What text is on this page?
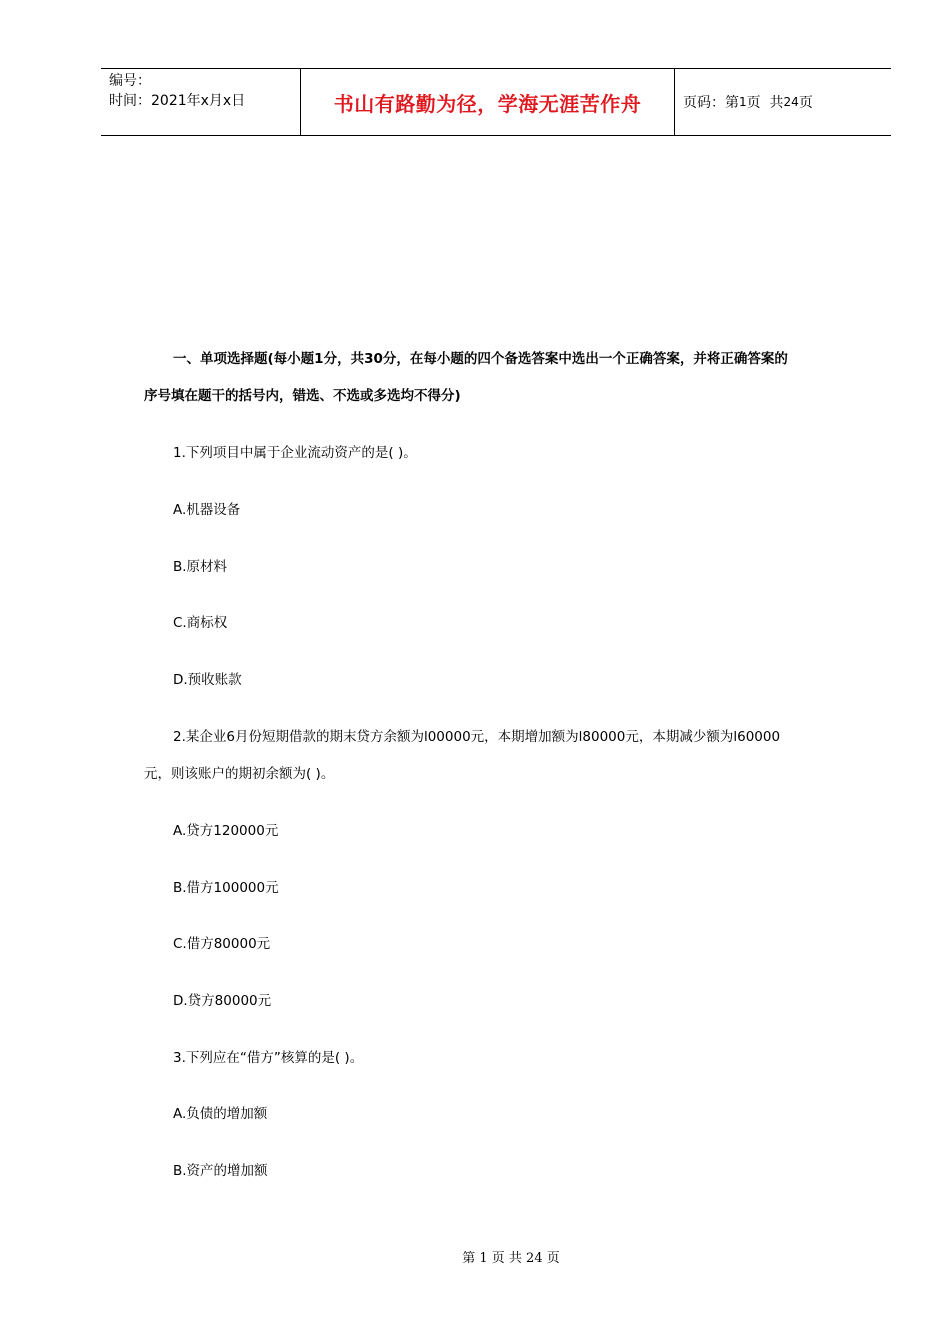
编号：
时间：2021年x月x日	书山有路勤为径，学海无涯苦作舟	页码：第 1 页  共 24 页
一、单项选择题(每小题1分，共30分，在每小题的四个备选答案中选出一个正确答案，并将正确答案的
序号填在题干的括号内，错选、不选或多选均不得分)
1.下列项目中属于企业流动资产的是( )。
A.机器设备
B.原材料
C.商标权
D.预收账款
2.某企业6月份短期借款的期末贷方余额为l00000元，本期增加额为l80000元，本期减少额为l60000
元，则该账户的期初余额为( )。
A.贷方120000元
B.借方100000元
C.借方80000元
D.贷方80000元
3.下列应在“借方”核算的是( )。
A.负债的增加额
B.资产的增加额
第 1 页 共 24 页
